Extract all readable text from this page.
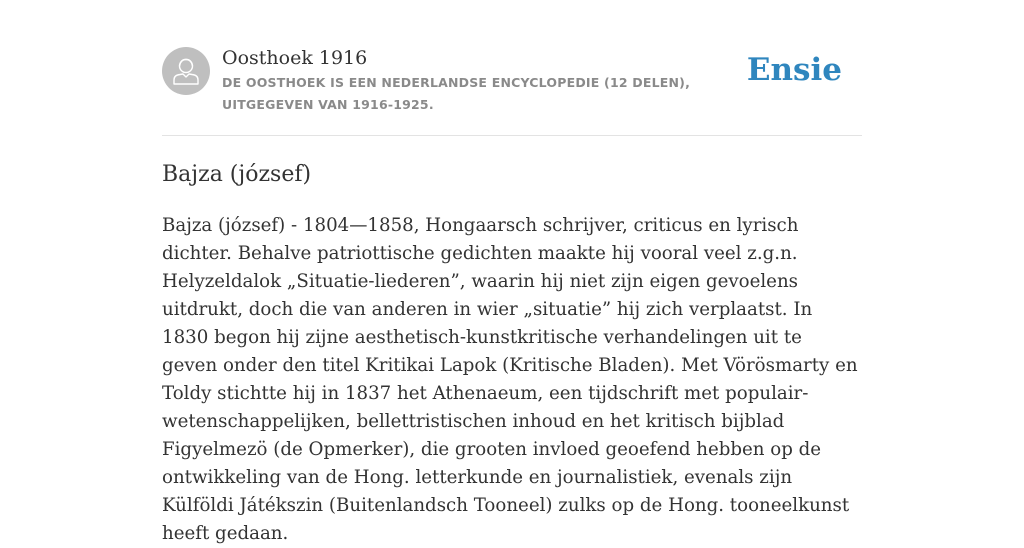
Oosthoek 1916
DE OOSTHOEK IS EEN NEDERLANDSE ENCYCLOPEDIE (12 DELEN), UITGEGEVEN VAN 1916-1925.
Ensie
Bajza (józsef)

Bajza (józsef) - 1804—1858, Hongaarsch schrijver, criticus en lyrisch dichter. Behalve patriottische gedichten maakte hij vooral veel z.g.n. Helyzeldalok „Situatie-liederen”, waarin hij niet zijn eigen gevoelens uitdrukt, doch die van anderen in wier „situatie” hij zich verplaatst. In 1830 begon hij zijne aesthetisch-kunstkritische verhandelingen uit te geven onder den titel Kritikai Lapok (Kritische Bladen). Met Vörösmarty en Toldy stichtte hij in 1837 het Athenaeum, een tijdschrift met populair-wetenschappelijken, bellettristischen inhoud en het kritisch bijblad Figyelmezö (de Opmerker), die grooten invloed geoefend hebben op de ontwikkeling van de Hong. letterkunde en journalistiek, evenals zijn Külföldi Játékszin (Buitenlandsch Tooneel) zulks op de Hong. tooneelkunst heeft gedaan.
